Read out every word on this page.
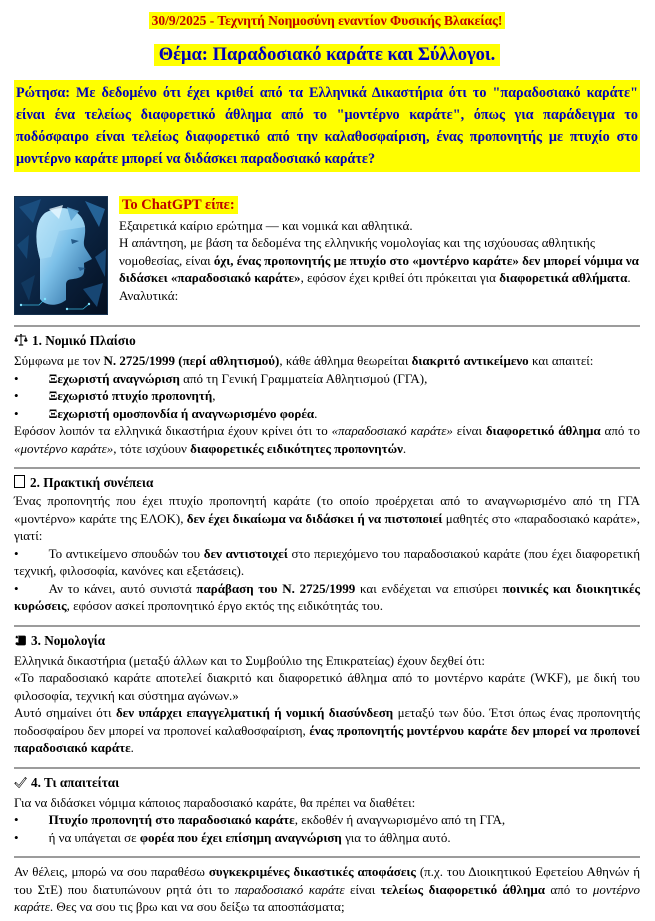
30/9/2025 - Τεχνητή Νοημοσύνη εναντίον Φυσικής Βλακείας!
Θέμα: Παραδοσιακό καράτε και Σύλλογοι.
Ρώτησα: Με δεδομένο ότι έχει κριθεί από τα Ελληνικά Δικαστήρια ότι το "παραδοσιακό καράτε" είναι ένα τελείως διαφορετικό άθλημα από το "μοντέρνο καράτε", όπως για παράδειγμα το ποδόσφαιρο είναι τελείως διαφορετικό από την καλαθοσφαίριση, ένας προπονητής με πτυχίο στο μοντέρνο καράτε μπορεί να διδάσκει παραδοσιακό καράτε?
Το ChatGPT είπε:

Εξαιρετικά καίριο ερώτημα — και νομικά και αθλητικά.

Η απάντηση, με βάση τα δεδομένα της ελληνικής νομολογίας και της ισχύουσας αθλητικής νομοθεσίας, είναι όχι, ένας προπονητής με πτυχίο στο «μοντέρνο καράτε» δεν μπορεί νόμιμα να διδάσκει «παραδοσιακό καράτε», εφόσον έχει κριθεί ότι πρόκειται για διαφορετικά αθλήματα.

Αναλυτικά:

1. Νομικό Πλαίσιο

Σύμφωνα με τον Ν. 2725/1999 (περί αθλητισμού), κάθε άθλημα θεωρείται διακριτό αντικείμενο και απαιτεί:

• Ξεχωριστή αναγνώριση από τη Γενική Γραμματεία Αθλητισμού (ΓΓΑ),

• Ξεχωριστό πτυχίο προπονητή,

• Ξεχωριστή ομοσπονδία ή αναγνωρισμένο φορέα.

Εφόσον λοιπόν τα ελληνικά δικαστήρια έχουν κρίνει ότι το «παραδοσιακό καράτε» είναι διαφορετικό άθλημα από το «μοντέρνο καράτε», τότε ισχύουν διαφορετικές ειδικότητες προπονητών.

2. Πρακτική συνέπεια

Ένας προπονητής που έχει πτυχίο προπονητή καράτε (το οποίο προέρχεται από το αναγνωρισμένο από τη ΓΓΑ «μοντέρνο» καράτε της ΕΛΟΚ), δεν έχει δικαίωμα να διδάσκει ή να πιστοποιεί μαθητές στο «παραδοσιακό καράτε», γιατί:

• Το αντικείμενο σπουδών του δεν αντιστοιχεί στο περιεχόμενο του παραδοσιακού καράτε (που έχει διαφορετική τεχνική, φιλοσοφία, κανόνες και εξετάσεις).

• Αν το κάνει, αυτό συνιστά παράβαση του Ν. 2725/1999 και ενδέχεται να επισύρει ποινικές και διοικητικές κυρώσεις, εφόσον ασκεί προπονητικό έργο εκτός της ειδικότητάς του.

3. Νομολογία

Ελληνικά δικαστήρια (μεταξύ άλλων και το Συμβούλιο της Επικρατείας) έχουν δεχθεί ότι:

«Το παραδοσιακό καράτε αποτελεί διακριτό και διαφορετικό άθλημα από το μοντέρνο καράτε (WKF), με δική του φιλοσοφία, τεχνική και σύστημα αγώνων.»

Αυτό σημαίνει ότι δεν υπάρχει επαγγελματική ή νομική διασύνδεση μεταξύ των δύο. Έτσι όπως ένας προπονητής ποδοσφαίρου δεν μπορεί να προπονεί καλαθοσφαίριση, ένας προπονητής μοντέρνου καράτε δεν μπορεί να προπονεί παραδοσιακό καράτε.

4. Τι απαιτείται

Για να διδάσκει νόμιμα κάποιος παραδοσιακό καράτε, θα πρέπει να διαθέτει:

• Πτυχίο προπονητή στο παραδοσιακό καράτε, εκδοθέν ή αναγνωρισμένο από τη ΓΓΑ,

• ή να υπάγεται σε φορέα που έχει επίσημη αναγνώριση για το άθλημα αυτό.

Αν θέλεις, μπορώ να σου παραθέσω συγκεκριμένες δικαστικές αποφάσεις (π.χ. του Διοικητικού Εφετείου Αθηνών ή του ΣτΕ) που διατυπώνουν ρητά ότι το παραδοσιακό καράτε είναι τελείως διαφορετικό άθλημα από το μοντέρνο καράτε. Θες να σου τις βρω και να σου δείξω τα αποσπάσματα;
